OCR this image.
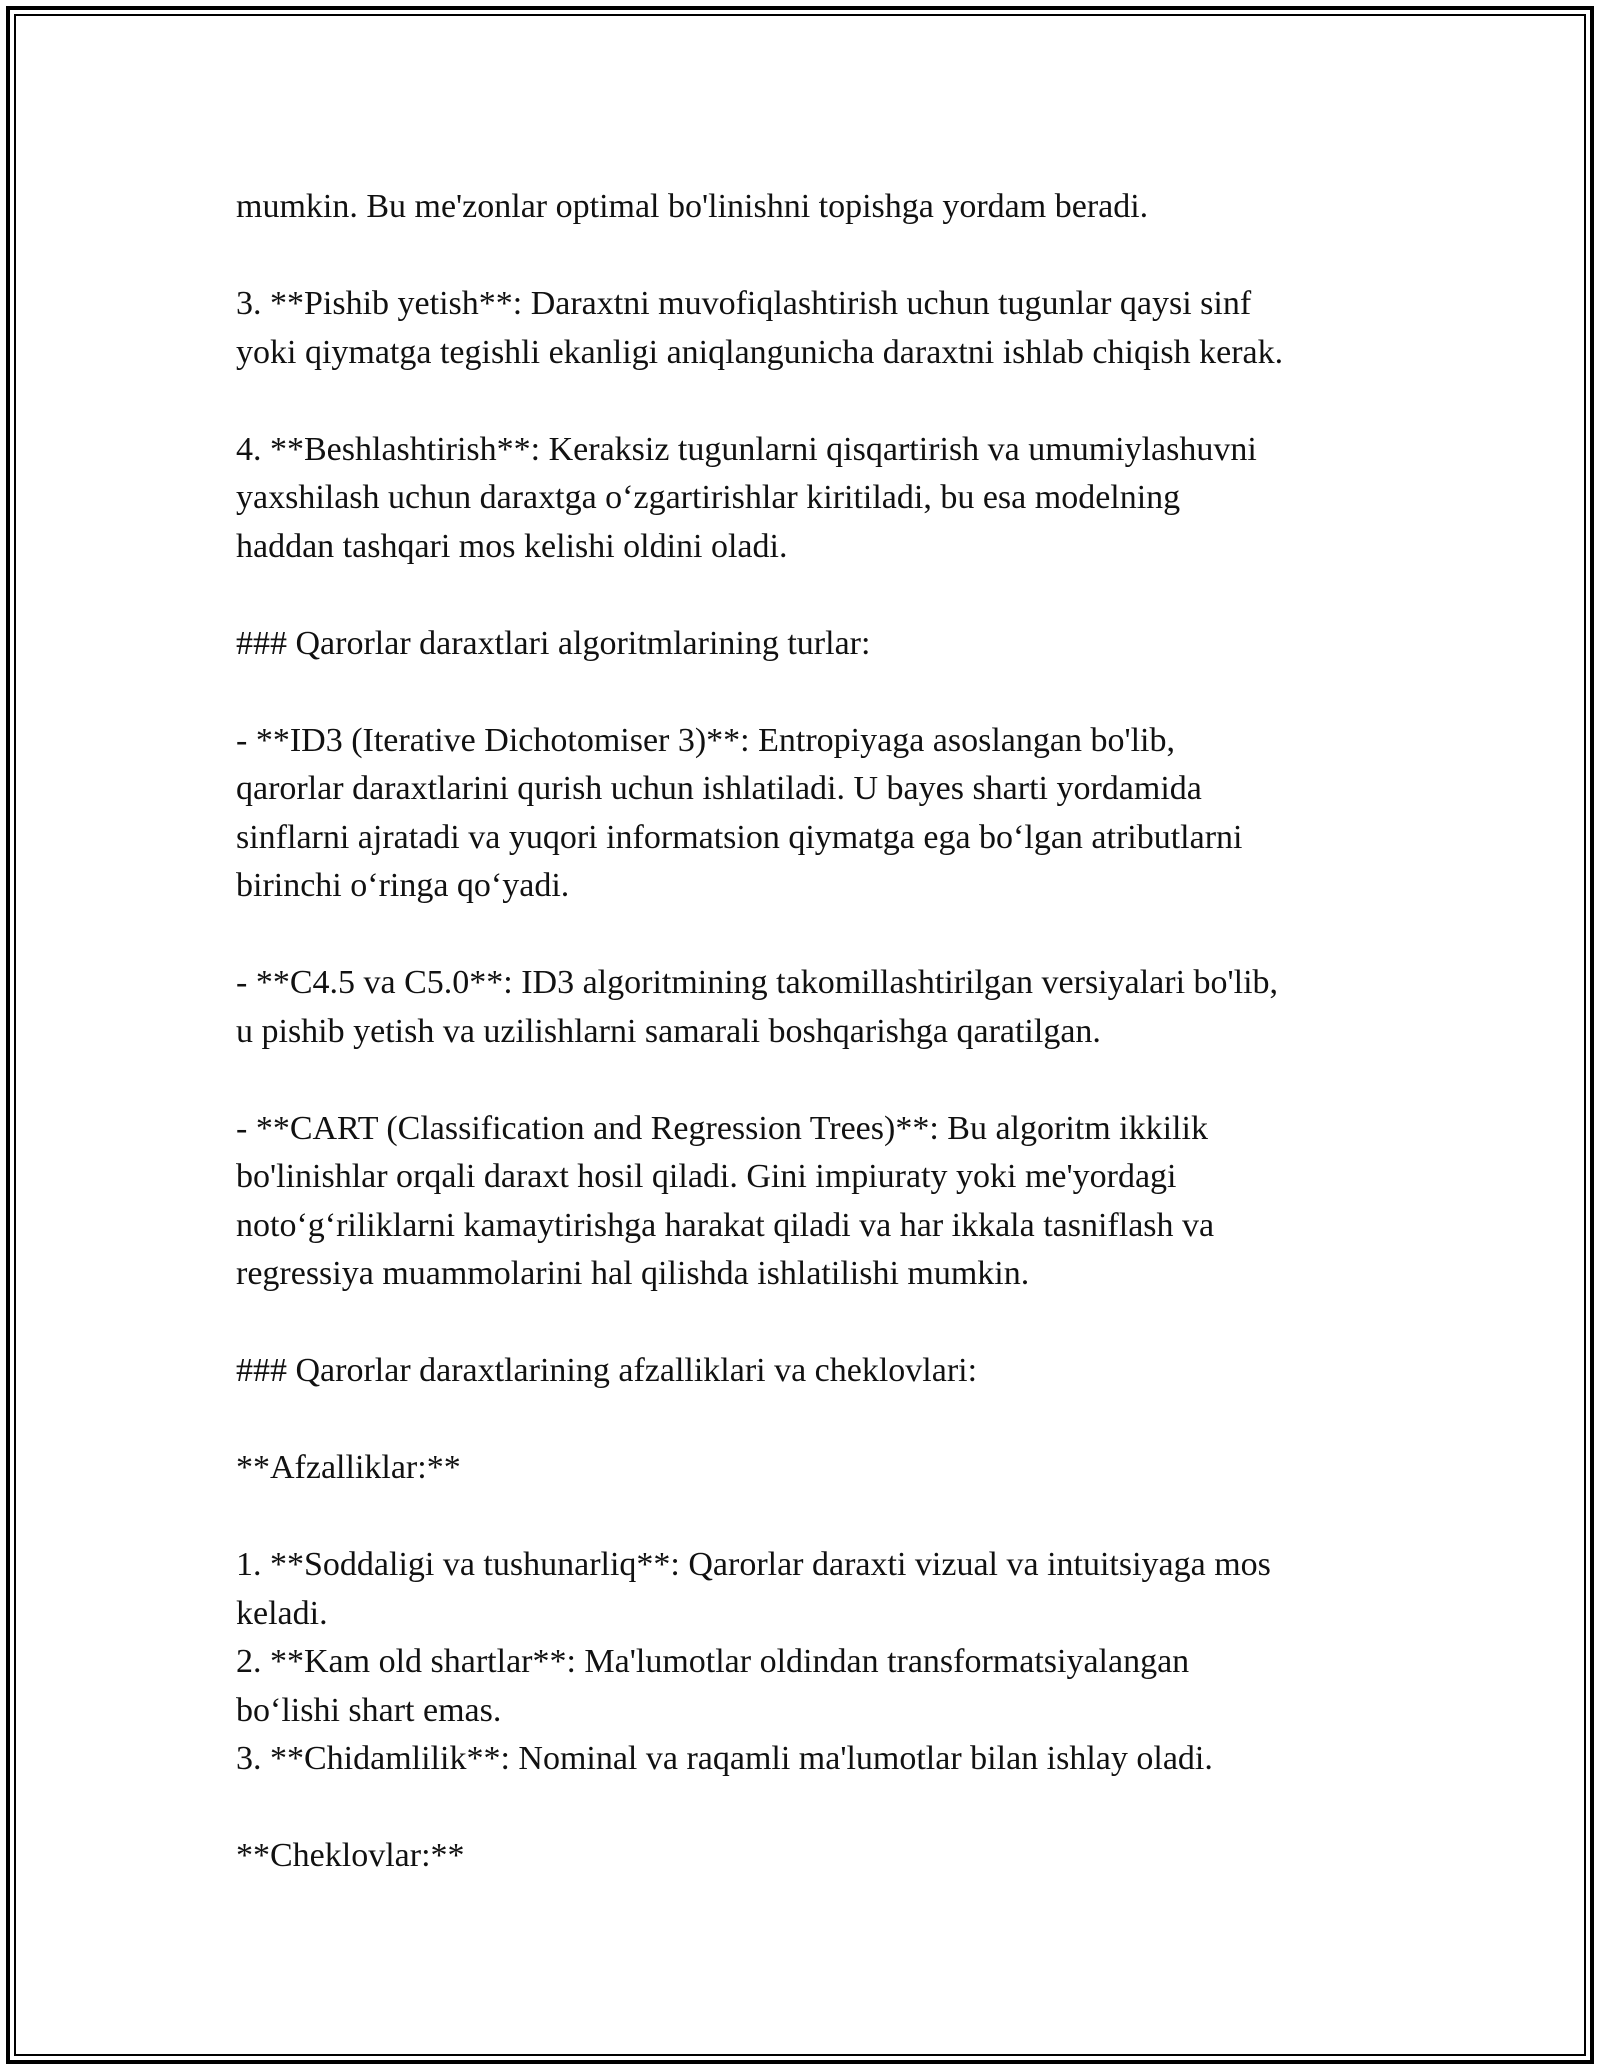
mumkin. Bu me'zonlar optimal bo'linishni topishga yordam beradi.
3. **Pishib yetish**: Daraxtni muvofiqlashtirish uchun tugunlar qaysi sinf
yoki qiymatga tegishli ekanligi aniqlangunicha daraxtni ishlab chiqish kerak.
4. **Beshlashtirish**: Keraksiz tugunlarni qisqartirish va umumiylashuvni
yaxshilash uchun daraxtga o‘zgartirishlar kiritiladi, bu esa modelning
haddan tashqari mos kelishi oldini oladi.
### Qarorlar daraxtlari algoritmlarining turlar:
- **ID3 (Iterative Dichotomiser 3)**: Entropiyaga asoslangan bo'lib,
qarorlar daraxtlarini qurish uchun ishlatiladi. U bayes sharti yordamida
sinflarni ajratadi va yuqori informatsion qiymatga ega bo‘lgan atributlarni
birinchi o‘ringa qo‘yadi.
- **C4.5 va C5.0**: ID3 algoritmining takomillashtirilgan versiyalari bo'lib,
u pishib yetish va uzilishlarni samarali boshqarishga qaratilgan.
- **CART (Classification and Regression Trees)**: Bu algoritm ikkilik
bo'linishlar orqali daraxt hosil qiladi. Gini impiuraty yoki me'yordagi
noto‘g‘riliklarni kamaytirishga harakat qiladi va har ikkala tasniflash va
regressiya muammolarini hal qilishda ishlatilishi mumkin.
### Qarorlar daraxtlarining afzalliklari va cheklovlari:
**Afzalliklar:**
1. **Soddaligi va tushunarliq**: Qarorlar daraxti vizual va intuitsiyaga mos
keladi.
2. **Kam old shartlar**: Ma'lumotlar oldindan transformatsiyalangan
bo‘lishi shart emas.
3. **Chidamlilik**: Nominal va raqamli ma'lumotlar bilan ishlay oladi.
**Cheklovlar:**
